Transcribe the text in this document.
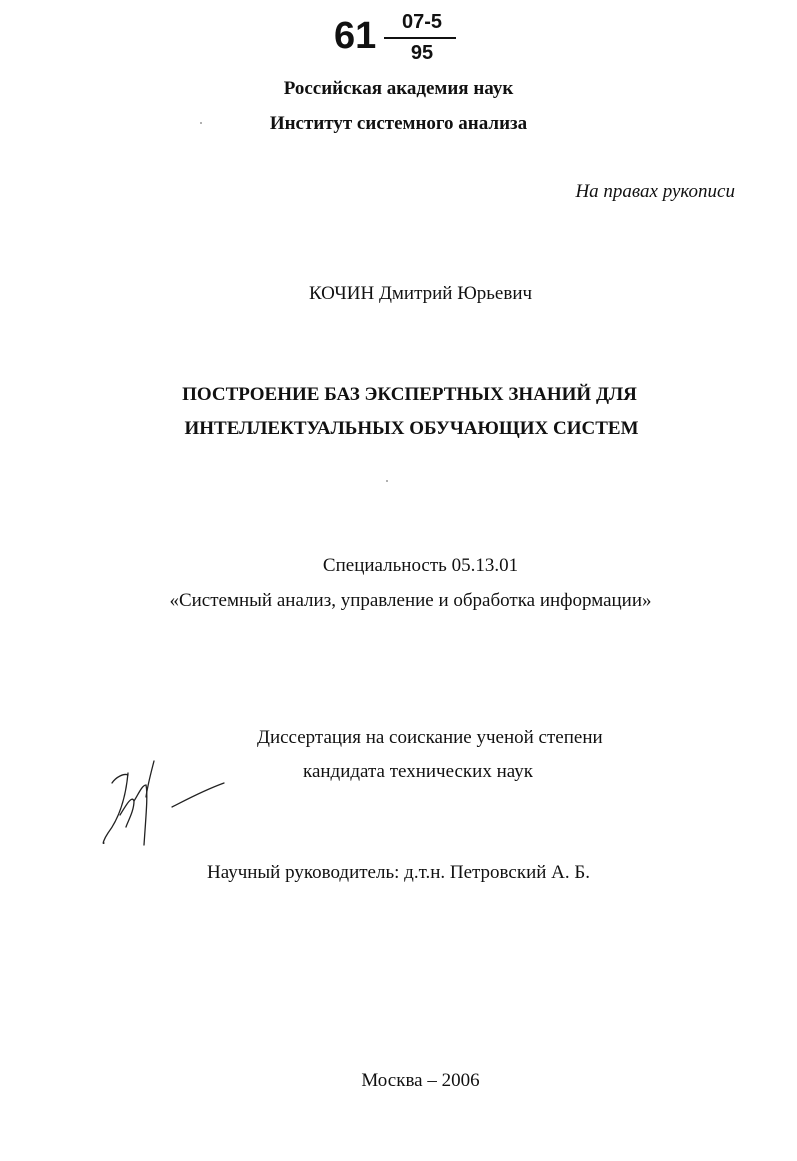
61	07-5
95
Российская академия наук
Институт системного анализа
На правах рукописи
КОЧИН Дмитрий Юрьевич
ПОСТРОЕНИЕ БАЗ ЭКСПЕРТНЫХ ЗНАНИЙ ДЛЯ
ИНТЕЛЛЕКТУАЛЬНЫХ ОБУЧАЮЩИХ СИСТЕМ
Специальность 05.13.01
«Системный анализ, управление и обработка информации»
Диссертация на соискание ученой степени
кандидата технических наук
Научный руководитель: д.т.н. Петровский А. Б.
Москва – 2006
